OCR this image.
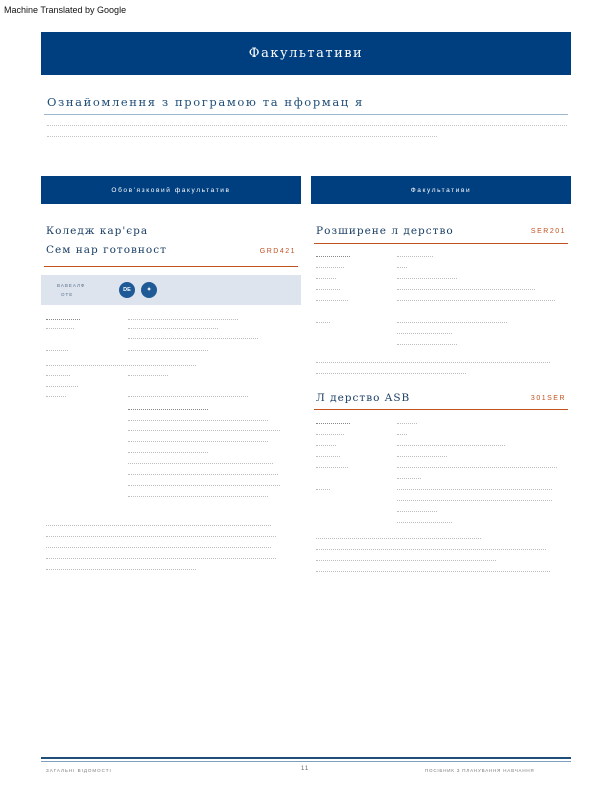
Machine Translated by Google
Факультативи
Ознайомлення з програмою та нформац я
Обов'язковий факультатив	Факультативи
Коледж кар'єра
Сем нар готовност	GRD421
ВАВЕАЛФ
ОТЕ
DE	✦
Розширене л дерство	SER201
Л дерство ASB	301SER
ЗАГАЛЬНІ ВІДОМОСТІ	11	ПОСІБНИК З ПЛАНУВАННЯ НАВЧАННЯ
